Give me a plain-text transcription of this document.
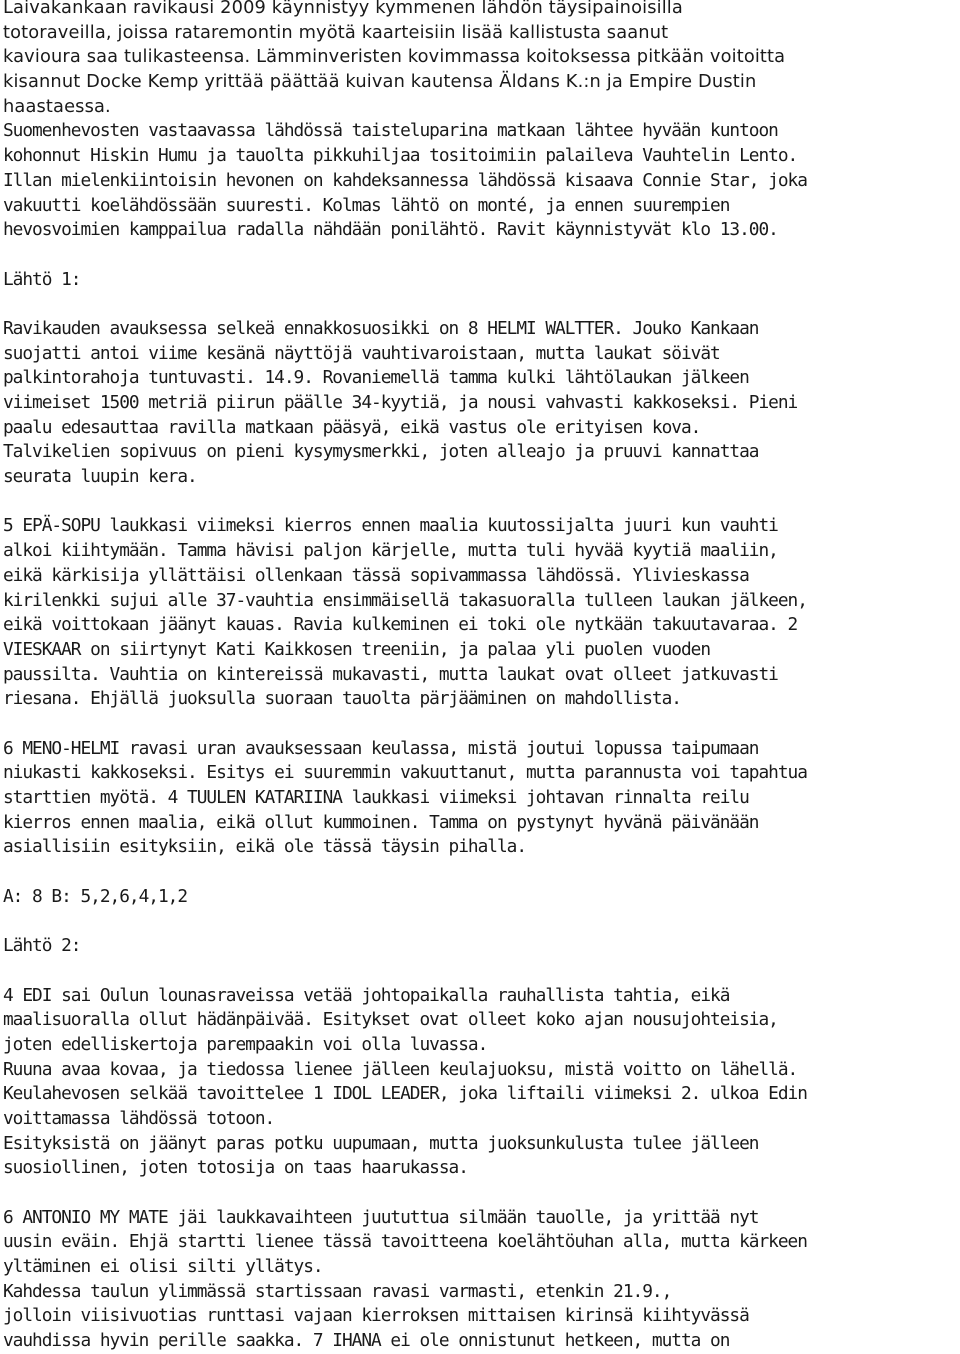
Laivakankaan ravikausi 2009 käynnistyy kymmenen lähdön täysipainoisilla
totoraveilla, joissa rataremontin myötä kaarteisiin lisää kallistusta saanut
kavioura saa tulikasteensa. Lämminveristen kovimmassa koitoksessa pitkään voitoitta
kisannut Docke Kemp yrittää päättää kuivan kautensa Äldans K.:n ja Empire Dustin
haastaessa.
Suomenhevosten vastaavassa lähdössä taisteluparina matkaan lähtee hyvään kuntoon
kohonnut Hiskin Humu ja tauolta pikkuhiljaa tositoimiin palaileva Vauhtelin Lento.
Illan mielenkiintoisin hevonen on kahdeksannessa lähdössä kisaava Connie Star, joka
vakuutti koelähdössään suuresti. Kolmas lähtö on monté, ja ennen suurempien
hevosvoimien kamppailua radalla nähdään ponilähtö. Ravit käynnistyvät klo 13.00.
Lähtö 1:
Ravikauden avauksessa selkeä ennakkosuosikki on 8 HELMI WALTTER. Jouko Kankaan
suojatti antoi viime kesänä näyttöjä vauhtivaroistaan, mutta laukat söivät
palkintorahoja tuntuvasti. 14.9. Rovaniemellä tamma kulki lähtölaukan jälkeen
viimeiset 1500 metriä piirun päälle 34-kyytiä, ja nousi vahvasti kakkoseksi. Pieni
paalu edesauttaa ravilla matkaan pääsyä, eikä vastus ole erityisen kova.
Talvikelien sopivuus on pieni kysymysmerkki, joten alleajo ja pruuvi kannattaa
seurata luupin kera.
5 EPÄ-SOPU laukkasi viimeksi kierros ennen maalia kuutossijalta juuri kun vauhti
alkoi kiihtymään. Tamma hävisi paljon kärjelle, mutta tuli hyvää kyytiä maaliin,
eikä kärkisija yllättäisi ollenkaan tässä sopivammassa lähdössä. Ylivieskassa
kirilenkki sujui alle 37-vauhtia ensimmäisellä takasuoralla tulleen laukan jälkeen,
eikä voittokaan jäänyt kauas. Ravia kulkeminen ei toki ole nytkään takuutavaraa. 2
VIESKAAR on siirtynyt Kati Kaikkosen treeniin, ja palaa yli puolen vuoden
paussilta. Vauhtia on kintereissä mukavasti, mutta laukat ovat olleet jatkuvasti
riesana. Ehjällä juoksulla suoraan tauolta pärjääminen on mahdollista.
6 MENO-HELMI ravasi uran avauksessaan keulassa, mistä joutui lopussa taipumaan
niukasti kakkoseksi. Esitys ei suuremmin vakuuttanut, mutta parannusta voi tapahtua
starttien myötä. 4 TUULEN KATARIINA laukkasi viimeksi johtavan rinnalta reilu
kierros ennen maalia, eikä ollut kummoinen. Tamma on pystynyt hyvänä päivänään
asiallisiin esityksiin, eikä ole tässä täysin pihalla.
A: 8 B: 5,2,6,4,1,2
Lähtö 2:
4 EDI sai Oulun lounasraveissa vetää johtopaikalla rauhallista tahtia, eikä
maalisuoralla ollut hädänpäivää. Esitykset ovat olleet koko ajan nousujohteisia,
joten edelliskertoja parempaakin voi olla luvassa.
Ruuna avaa kovaa, ja tiedossa lienee jälleen keulajuoksu, mistä voitto on lähellä.
Keulahevosen selkää tavoittelee 1 IDOL LEADER, joka liftaili viimeksi 2. ulkoa Edin
voittamassa lähdössä totoon.
Esityksistä on jäänyt paras potku uupumaan, mutta juoksunkulusta tulee jälleen
suosiollinen, joten totosija on taas haarukassa.
6 ANTONIO MY MATE jäi laukkavaihteen juututtua silmään tauolle, ja yrittää nyt
uusin eväin. Ehjä startti lienee tässä tavoitteena koelähtöuhan alla, mutta kärkeen
yltäminen ei olisi silti yllätys.
Kahdessa taulun ylimmässä startissaan ravasi varmasti, etenkin 21.9.,
jolloin viisivuotias runttasi vajaan kierroksen mittaisen kirinsä kiihtyvässä
vauhdissa hyvin perille saakka. 7 IHANA ei ole onnistunut hetkeen, mutta on
